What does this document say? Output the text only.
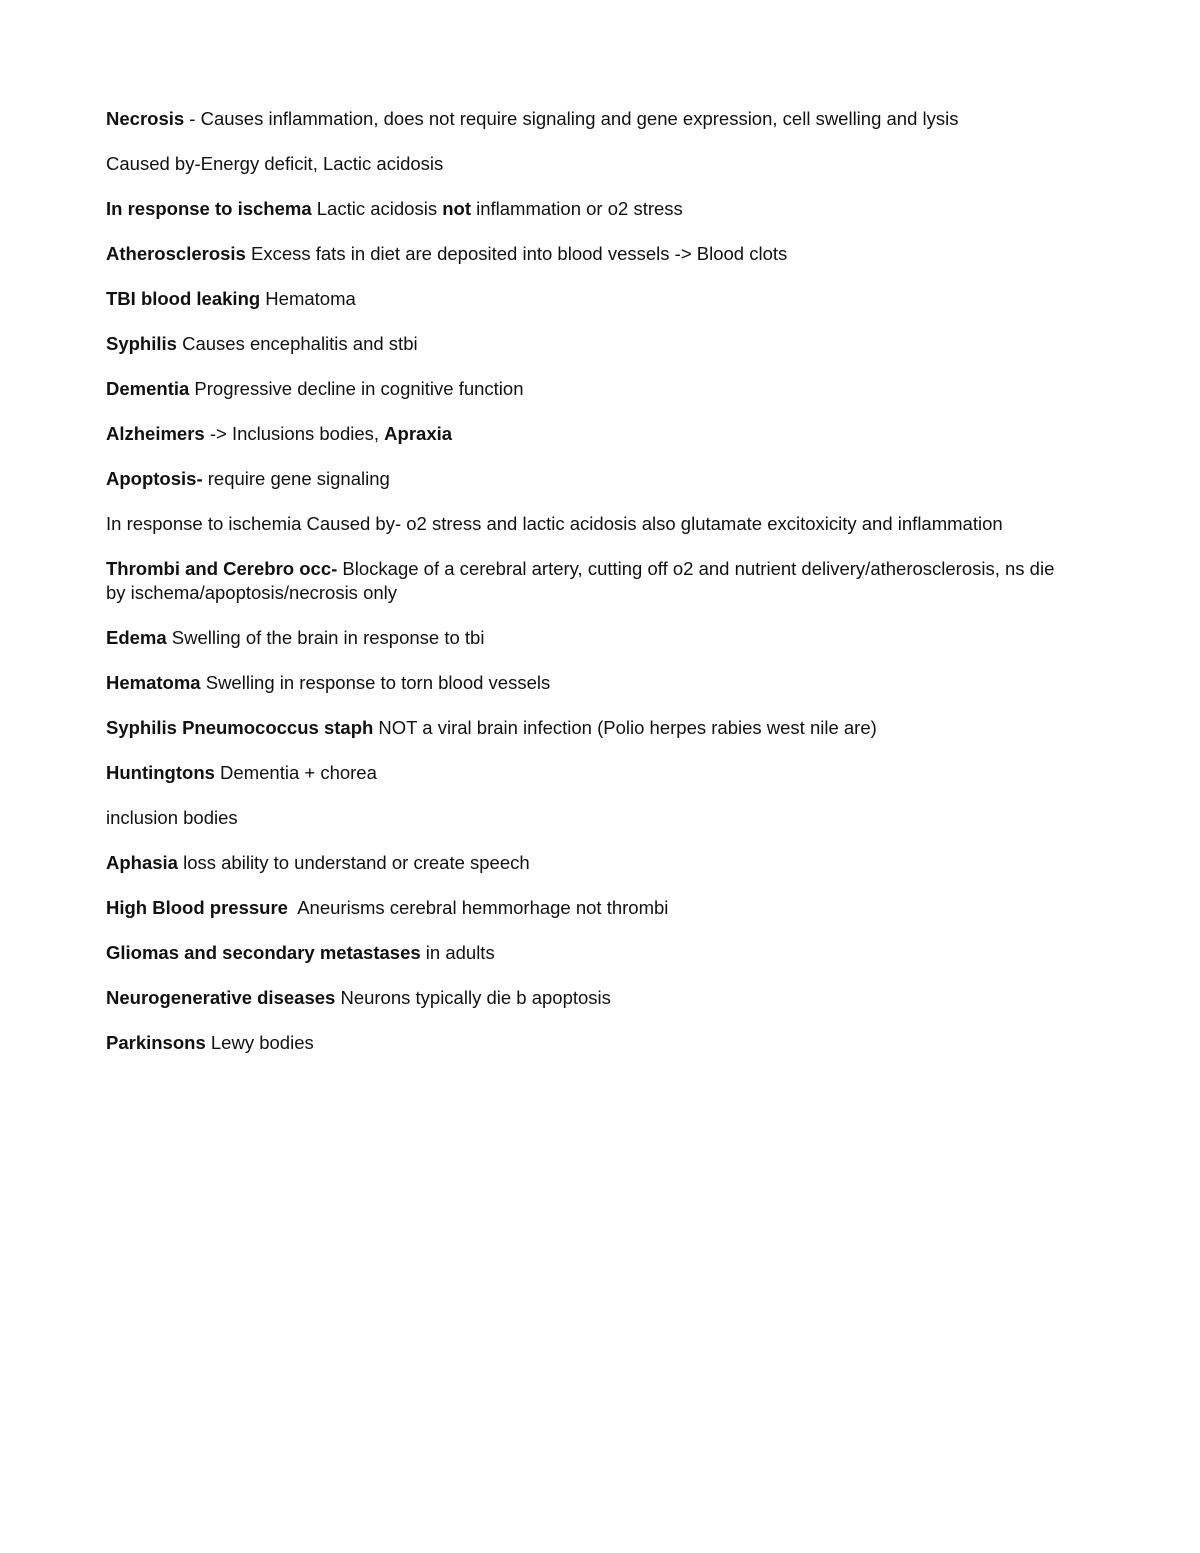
Necrosis - Causes inflammation, does not require signaling and gene expression, cell swelling and lysis

Caused by-Energy deficit, Lactic acidosis

In response to ischema Lactic acidosis not inflammation or o2 stress

Atherosclerosis Excess fats in diet are deposited into blood vessels -> Blood clots

TBI blood leaking Hematoma

Syphilis Causes encephalitis and stbi

Dementia Progressive decline in cognitive function

Alzheimers -> Inclusions bodies, Apraxia

Apoptosis- require gene signaling

In response to ischemia Caused by- o2 stress and lactic acidosis also glutamate excitoxicity and inflammation

Thrombi and Cerebro occ- Blockage of a cerebral artery, cutting off o2 and nutrient delivery/atherosclerosis, ns die by ischema/apoptosis/necrosis only

Edema Swelling of the brain in response to tbi

Hematoma Swelling in response to torn blood vessels

Syphilis Pneumococcus staph NOT a viral brain infection (Polio herpes rabies west nile are)

Huntingtons Dementia + chorea

inclusion bodies

Aphasia loss ability to understand or create speech

High Blood pressure  Aneurisms cerebral hemmorhage not thrombi

Gliomas and secondary metastases in adults

Neurogenerative diseases Neurons typically die b apoptosis

Parkinsons Lewy bodies
